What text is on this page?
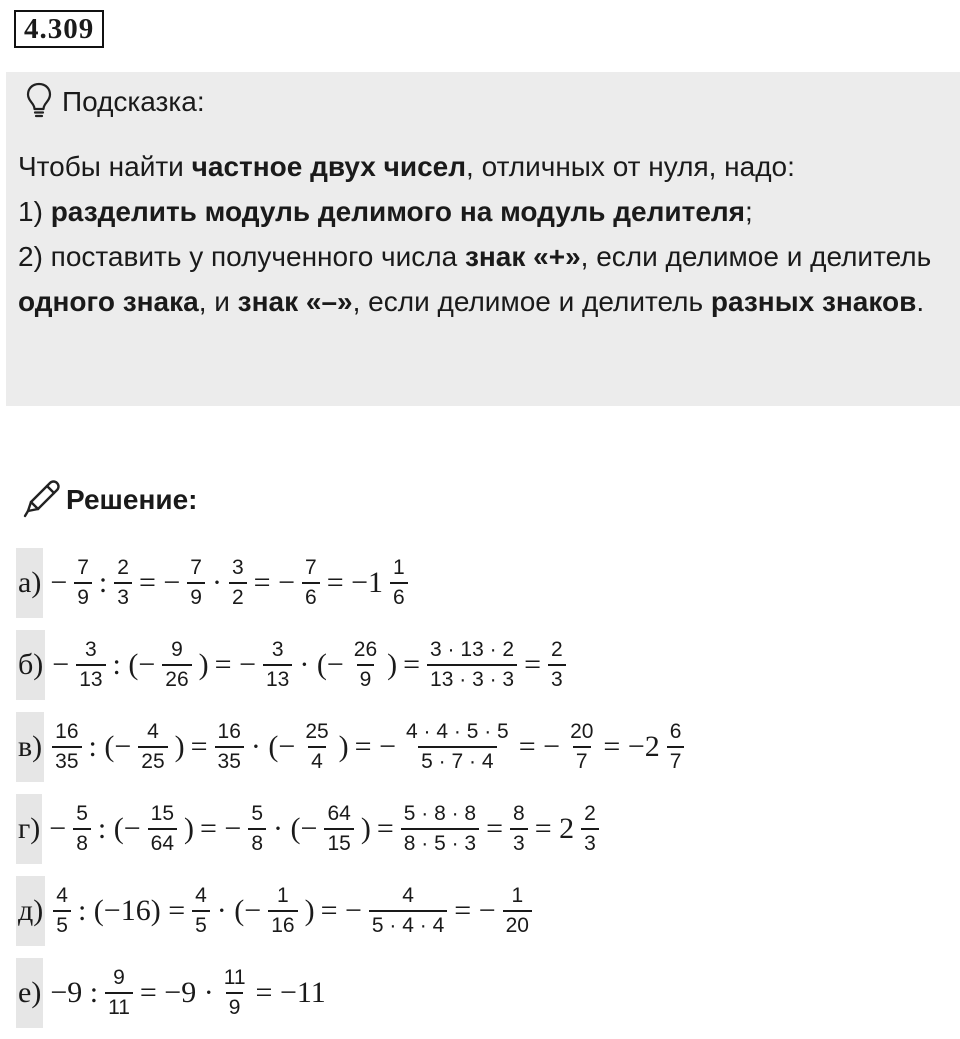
4.309
Подсказка:

Чтобы найти частное двух чисел, отличных от нуля, надо:

1) разделить модуль делимого на модуль делителя;

2) поставить у полученного числа знак «+», если делимое и делитель одного знака, и знак «–», если делимое и делитель разных знаков.

Решение:
$а) - \frac{7}{9}$ : $\frac{2}{3}$ = − $\frac{7}{9} \cdot \frac{3}{2}$ = − $\frac{7}{6} = -1 \frac{1}{6}$
$б) - \frac{3}{13}$ : (− $\frac{9}{26}$ ) = − $\frac{3}{13}$ · (− $\frac{26}{9}$ ) = $\frac{3 \cdot 13 \cdot 2}{13 \cdot 3 \cdot 3} = \frac{2}{3}$
$в) \frac{16}{35}$ : (− $\frac{4}{25}$ ) = $\frac{16}{35}$ · (− $\frac{25}{4}$ ) = − $\frac{4 \cdot 4 \cdot 5 \cdot 5}{5 \cdot 7 \cdot 4}$ = − $\frac{20}{7} = -2 \frac{6}{7}$
$г) - \frac{5}{8}$ : (− $\frac{15}{64}$ ) = − $\frac{5}{8}$ · (− $\frac{64}{15}$ ) = $\frac{5 \cdot 8 \cdot 8}{8 \cdot 5 \cdot 3} = \frac{8}{3} = 2 \frac{2}{3}$
$д) \frac{4}{5}$ : $(-16) = \frac{4}{5}$ · (− $\frac{1}{16}$ ) = − $\frac{4}{5 \cdot 4 \cdot 4}$ = − $\frac{1}{20}$
е) −9 : $\frac{9}{11} = -9 \cdot \frac{11}{9} = -11$
